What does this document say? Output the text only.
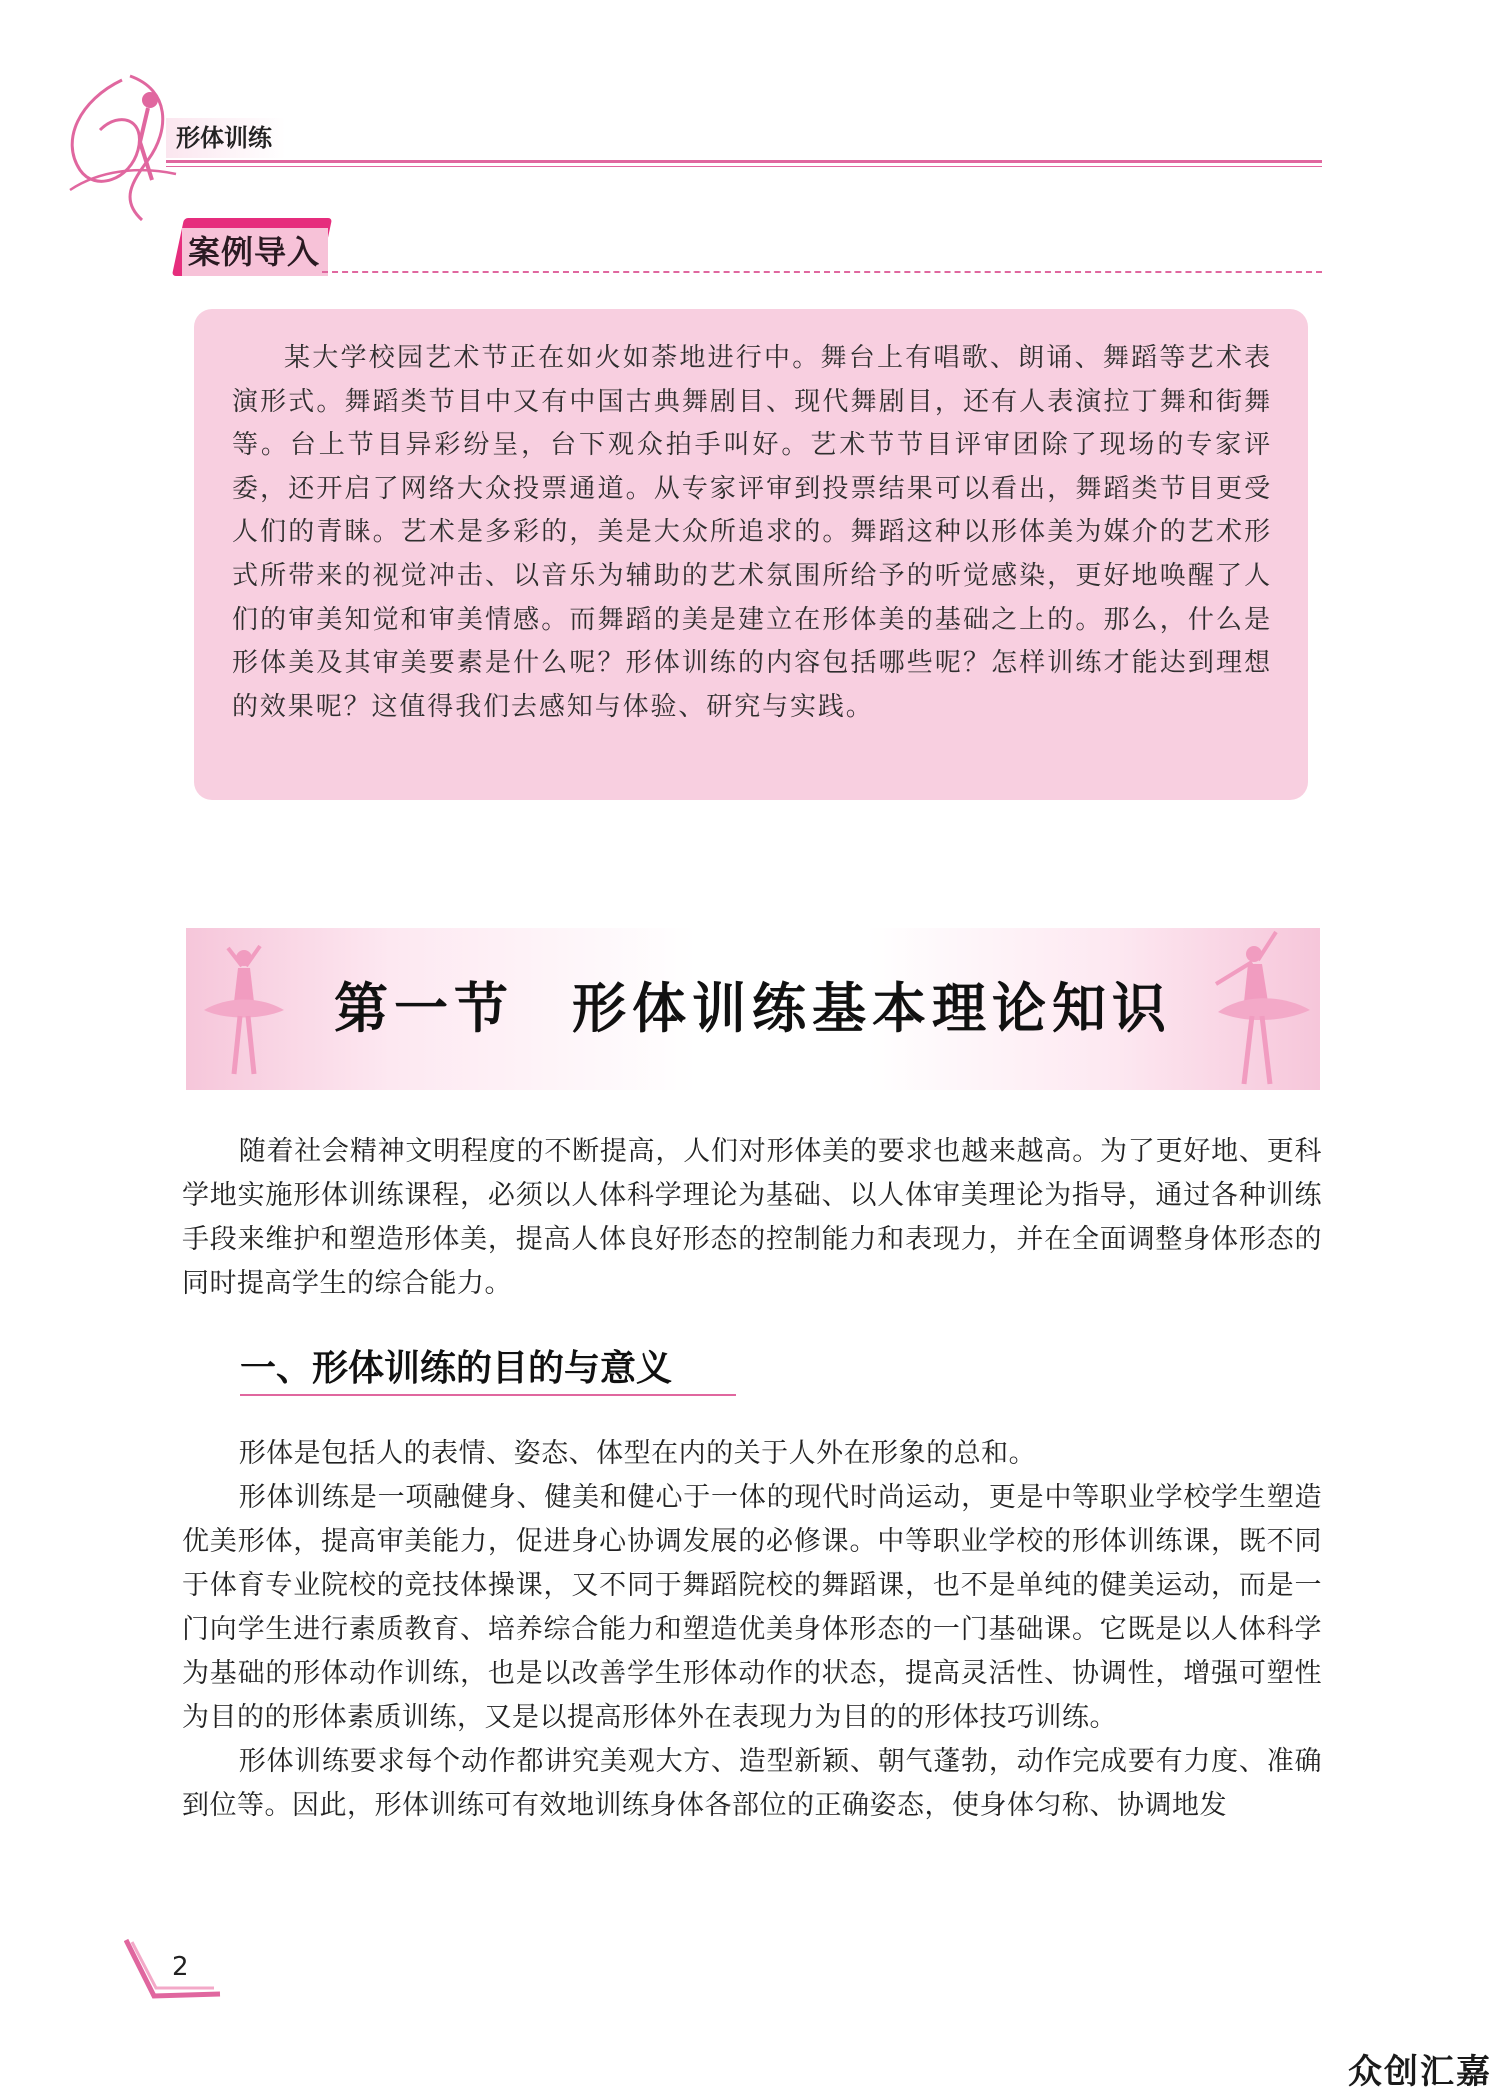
形体训练
案例导入

某大学校园艺术节正在如火如荼地进行中。舞台上有唱歌、朗诵、舞蹈等艺术表演形式。舞蹈类节目中又有中国古典舞剧目、现代舞剧目，还有人表演拉丁舞和街舞等。台上节目异彩纷呈，台下观众拍手叫好。艺术节节目评审团除了现场的专家评委，还开启了网络大众投票通道。从专家评审到投票结果可以看出，舞蹈类节目更受人们的青睐。艺术是多彩的，美是大众所追求的。舞蹈这种以形体美为媒介的艺术形式所带来的视觉冲击、以音乐为辅助的艺术氛围所给予的听觉感染，更好地唤醒了人们的审美知觉和审美情感。而舞蹈的美是建立在形体美的基础之上的。那么，什么是形体美及其审美要素是什么呢？形体训练的内容包括哪些呢？怎样训练才能达到理想的效果呢？这值得我们去感知与体验、研究与实践。

第一节 形体训练基本理论知识

随着社会精神文明程度的不断提高，人们对形体美的要求也越来越高。为了更好地、更科学地实施形体训练课程，必须以人体科学理论为基础、以人体审美理论为指导，通过各种训练手段来维护和塑造形体美，提高人体良好形态的控制能力和表现力，并在全面调整身体形态的同时提高学生的综合能力。

一、形体训练的目的与意义

形体是包括人的表情、姿态、体型在内的关于人外在形象的总和。

形体训练是一项融健身、健美和健心于一体的现代时尚运动，更是中等职业学校学生塑造优美形体，提高审美能力，促进身心协调发展的必修课。中等职业学校的形体训练课，既不同于体育专业院校的竞技体操课，又不同于舞蹈院校的舞蹈课，也不是单纯的健美运动，而是一门向学生进行素质教育、培养综合能力和塑造优美身体形态的一门基础课。它既是以人体科学为基础的形体动作训练，也是以改善学生形体动作的状态，提高灵活性、协调性，增强可塑性为目的的形体素质训练，又是以提高形体外在表现力为目的的形体技巧训练。

形体训练要求每个动作都讲究美观大方、造型新颖、朝气蓬勃，动作完成要有力度、准确到位等。因此，形体训练可有效地训练身体各部位的正确姿态，使身体匀称、协调地发

2
众创汇嘉
